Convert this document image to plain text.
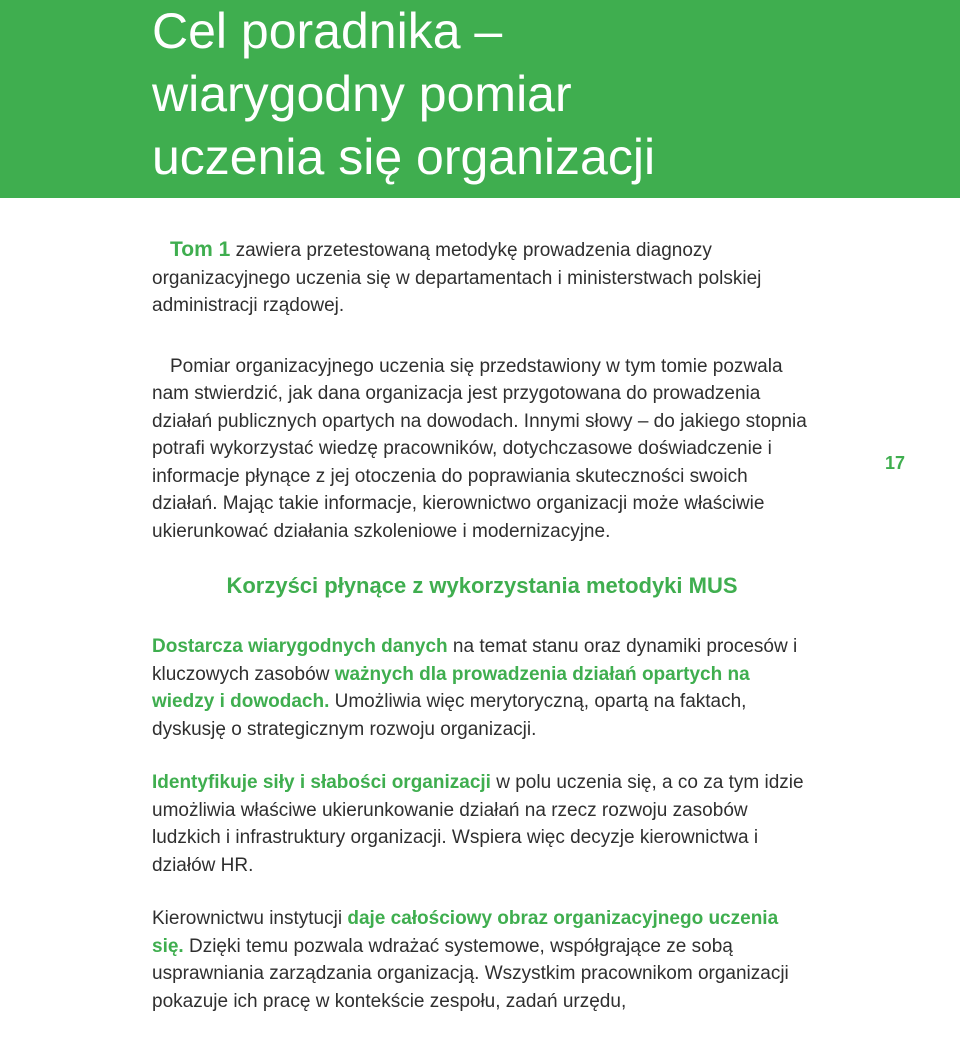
Cel poradnika –
wiarygodny pomiar
uczenia się organizacji

Tom 1 zawiera przetestowaną metodykę prowadzenia diagnozy organizacyjnego uczenia się w departamentach i ministerstwach polskiej administracji rządowej.

Pomiar organizacyjnego uczenia się przedstawiony w tym tomie pozwala nam stwierdzić, jak dana organizacja jest przygotowana do prowadzenia działań publicznych opartych na dowodach. Innymi słowy – do jakiego stopnia potrafi wykorzystać wiedzę pracowników, dotychczasowe doświadczenie i informacje płynące z jej otoczenia do poprawiania skuteczności swoich działań. Mając takie informacje, kierownictwo organizacji może właściwie ukierunkować działania szkoleniowe i modernizacyjne.

Korzyści płynące z wykorzystania metodyki MUS

Dostarcza wiarygodnych danych na temat stanu oraz dynamiki procesów i kluczowych zasobów ważnych dla prowadzenia działań opartych na wiedzy i dowodach. Umożliwia więc merytoryczną, opartą na faktach, dyskusję o strategicznym rozwoju organizacji.

Identyfikuje siły i słabości organizacji w polu uczenia się, a co za tym idzie umożliwia właściwe ukierunkowanie działań na rzecz rozwoju zasobów ludzkich i infrastruktury organizacji. Wspiera więc decyzje kierownictwa i działów HR.

Kierownictwu instytucji daje całościowy obraz organizacyjnego uczenia się. Dzięki temu pozwala wdrażać systemowe, współgrające ze sobą usprawniania zarządzania organizacją. Wszystkim pracownikom organizacji pokazuje ich pracę w kontekście zespołu, zadań urzędu,

17
